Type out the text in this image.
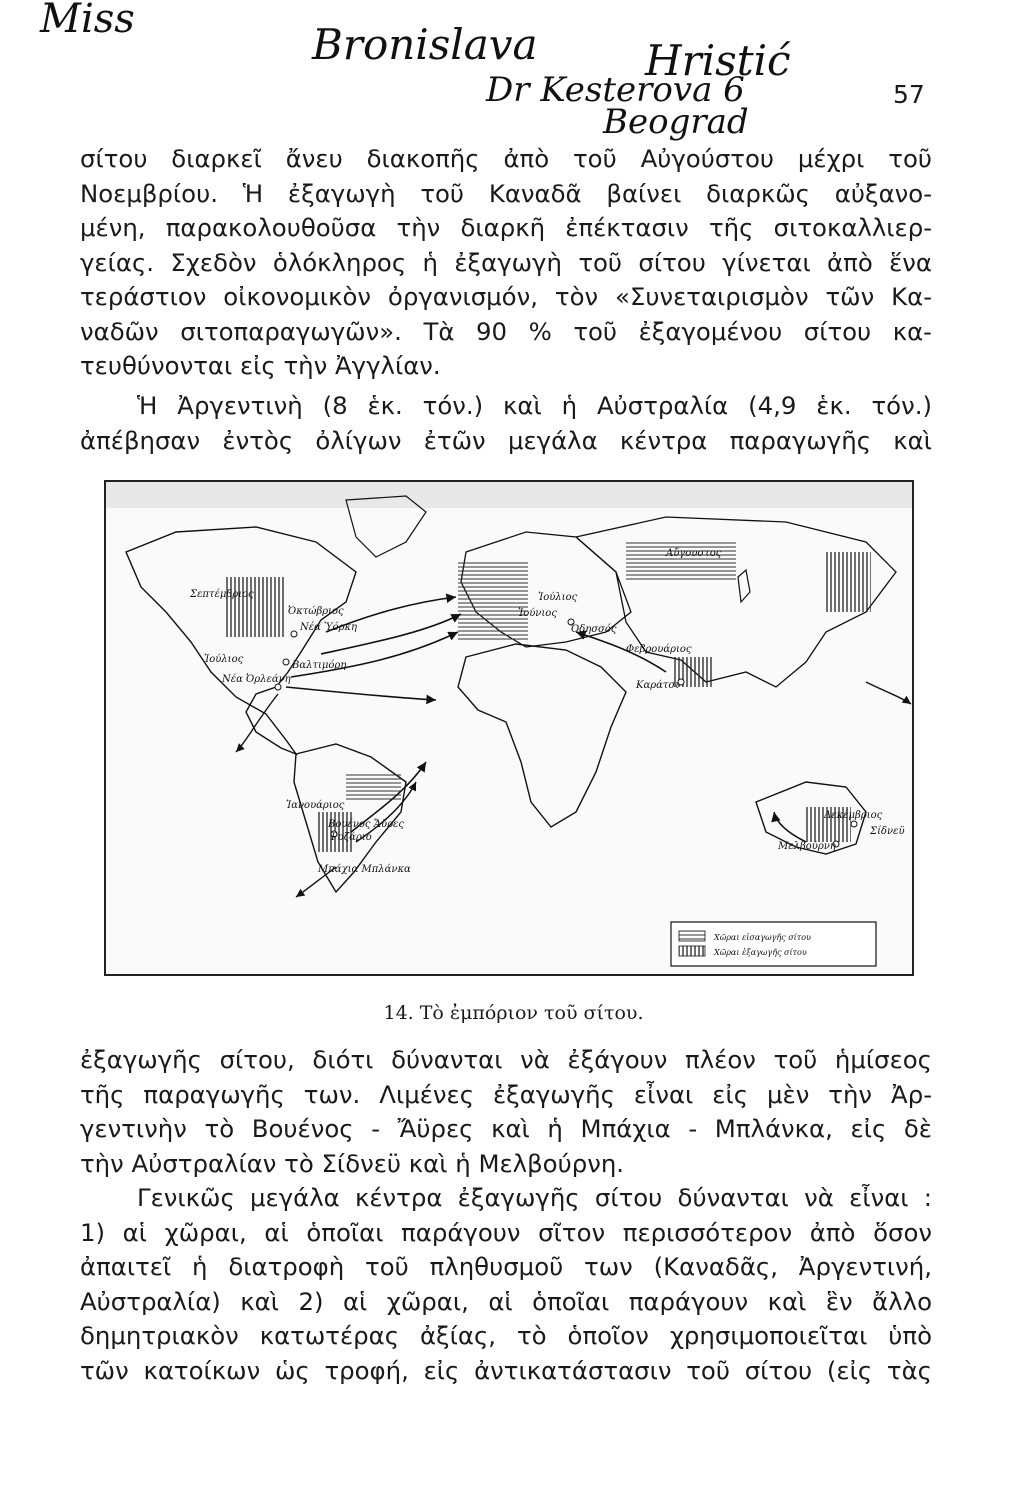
Miss
Bronislava	Hristić
Dr Kesterova 6
Beograd
57
σίτου διαρκεῖ ἄνευ διακοπῆς ἀπὸ τοῦ Αὐγούστου μέχρι τοῦ
Νοεμβρίου. Ἡ ἐξαγωγὴ τοῦ Καναδᾶ βαίνει διαρκῶς αὐξανο-
μένη, παρακολουθοῦσα τὴν διαρκῆ ἐπέκτασιν τῆς σιτοκαλλιερ-
γείας. Σχεδὸν ὁλόκληρος ἡ ἐξαγωγὴ τοῦ σίτου γίνεται ἀπὸ ἕνα
τεράστιον οἰκονομικὸν ὀργανισμόν, τὸν «Συνεταιρισμὸν τῶν Κα-
ναδῶν σιτοπαραγωγῶν». Τὰ 90 % τοῦ ἐξαγομένου σίτου κα-
τευθύνονται εἰς τὴν Ἀγγλίαν.
Ἡ Ἀργεντινὴ (8 ἑκ. τόν.) καὶ ἡ Αὐστραλία (4,9 ἑκ. τόν.)
ἀπέβησαν ἐντὸς ὀλίγων ἐτῶν μεγάλα κέντρα παραγωγῆς καὶ
Σεπτέμβριος
Ὀκτώβριος
Νέα Ὑόρκη
Ἰούλιος
Βαλτιμόρη
Νέα Ὀρλεάνη
Αὔγουστος
Ἰούλιος
Ἰούνιος
Ὀδησσός
Φεβρουάριος
Καράτσι
Ἰανουάριος
Βουένος Ἄϋρες
Ροζάριο
Μπάχια Μπλάνκα
Δεκέμβριος
Σίδνεϋ
Μελβούρνη
Χῶραι εἰσαγωγῆς σίτου
Χῶραι ἐξαγωγῆς σίτου
14. Τὸ ἐμπόριον τοῦ σίτου.
ἐξαγωγῆς σίτου, διότι δύνανται νὰ ἐξάγουν πλέον τοῦ ἡμίσεος
τῆς παραγωγῆς των. Λιμένες ἐξαγωγῆς εἶναι εἰς μὲν τὴν Ἀρ-
γεντινὴν τὸ Βουένος - Ἄϋρες καὶ ἡ Μπάχια - Μπλάνκα, εἰς δὲ
τὴν Αὐστραλίαν τὸ Σίδνεϋ καὶ ἡ Μελβούρνη.
Γενικῶς μεγάλα κέντρα ἐξαγωγῆς σίτου δύνανται νὰ εἶναι :
1) αἱ χῶραι, αἱ ὁποῖαι παράγουν σῖτον περισσότερον ἀπὸ ὅσον
ἀπαιτεῖ ἡ διατροφὴ τοῦ πληθυσμοῦ των (Καναδᾶς, Ἀργεντινή,
Αὐστραλία) καὶ 2) αἱ χῶραι, αἱ ὁποῖαι παράγουν καὶ ἓν ἄλλο
δημητριακὸν κατωτέρας ἀξίας, τὸ ὁποῖον χρησιμοποιεῖται ὑπὸ
τῶν κατοίκων ὡς τροφή, εἰς ἀντικατάστασιν τοῦ σίτου (εἰς τὰς
